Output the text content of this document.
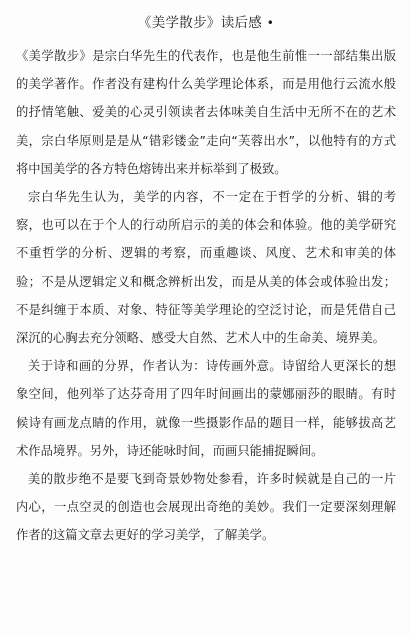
《美学散步》读后感 •

《美学散步》是宗白华先生的代表作，也是他生前惟一一部结集出版的美学著作。作者没有建构什么美学理论体系，而是用他行云流水般的抒情笔触、爱美的心灵引领读者去体味美自生活中无所不在的艺术美，宗白华原则是是从“错彩镂金”走向“芙蓉出水”，以他特有的方式将中国美学的各方特色熔铸出来并标举到了极致。

宗白华先生认为，美学的内容，不一定在于哲学的分析、辑的考察，也可以在于个人的行动所启示的美的体会和体验。他的美学研究不重哲学的分析、逻辑的考察，而重趣谈、风度、艺术和审美的体验；不是从逻辑定义和概念辨析出发，而是从美的体会或体验出发；不是纠缠于本质、对象、特征等美学理论的空泛讨论，而是凭借自己深沉的心胸去充分领略、感受大自然、艺术人中的生命美、境界美。

关于诗和画的分界，作者认为：诗传画外意。诗留给人更深长的想象空间，他列举了达芬奇用了四年时间画出的蒙娜丽莎的眼睛。有时候诗有画龙点睛的作用，就像一些摄影作品的题目一样，能够拔高艺术作品境界。另外，诗还能咏时间，而画只能捕捉瞬间。

美的散步绝不是要飞到奇景妙物处参看，许多时候就是自己的一片内心，一点空灵的创造也会展现出奇绝的美妙。我们一定要深刻理解作者的这篇文章去更好的学习美学，了解美学。
